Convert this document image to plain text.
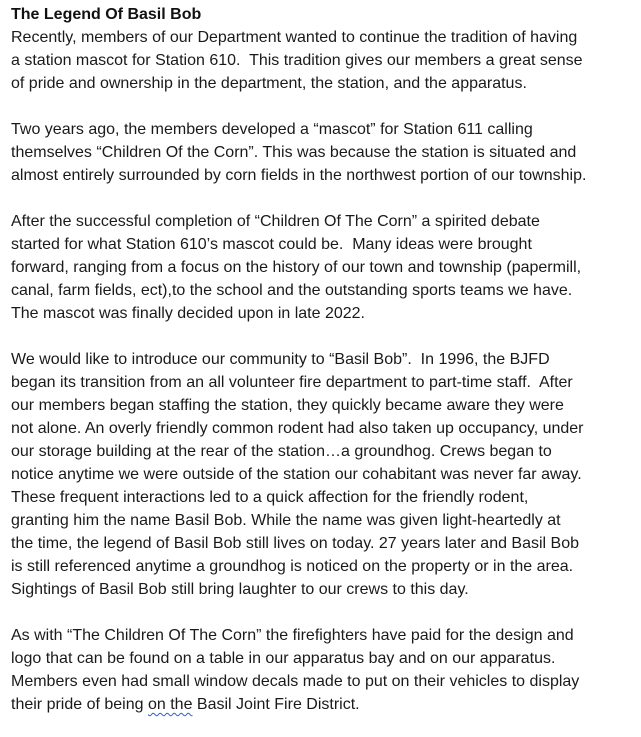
The Legend Of Basil Bob

Recently, members of our Department wanted to continue the tradition of having
a station mascot for Station 610.  This tradition gives our members a great sense
of pride and ownership in the department, the station, and the apparatus.

Two years ago, the members developed a “mascot” for Station 611 calling
themselves “Children Of the Corn”. This was because the station is situated and
almost entirely surrounded by corn fields in the northwest portion of our township.

After the successful completion of “Children Of The Corn” a spirited debate
started for what Station 610’s mascot could be.  Many ideas were brought
forward, ranging from a focus on the history of our town and township (papermill,
canal, farm fields, ect),to the school and the outstanding sports teams we have.
The mascot was finally decided upon in late 2022.

We would like to introduce our community to “Basil Bob”.  In 1996, the BJFD
began its transition from an all volunteer fire department to part-time staff.  After
our members began staffing the station, they quickly became aware they were
not alone. An overly friendly common rodent had also taken up occupancy, under
our storage building at the rear of the station…a groundhog. Crews began to
notice anytime we were outside of the station our cohabitant was never far away.
These frequent interactions led to a quick affection for the friendly rodent,
granting him the name Basil Bob. While the name was given light-heartedly at
the time, the legend of Basil Bob still lives on today. 27 years later and Basil Bob
is still referenced anytime a groundhog is noticed on the property or in the area.
Sightings of Basil Bob still bring laughter to our crews to this day.

As with “The Children Of The Corn” the firefighters have paid for the design and
logo that can be found on a table in our apparatus bay and on our apparatus.
Members even had small window decals made to put on their vehicles to display
their pride of being on the Basil Joint Fire District.
